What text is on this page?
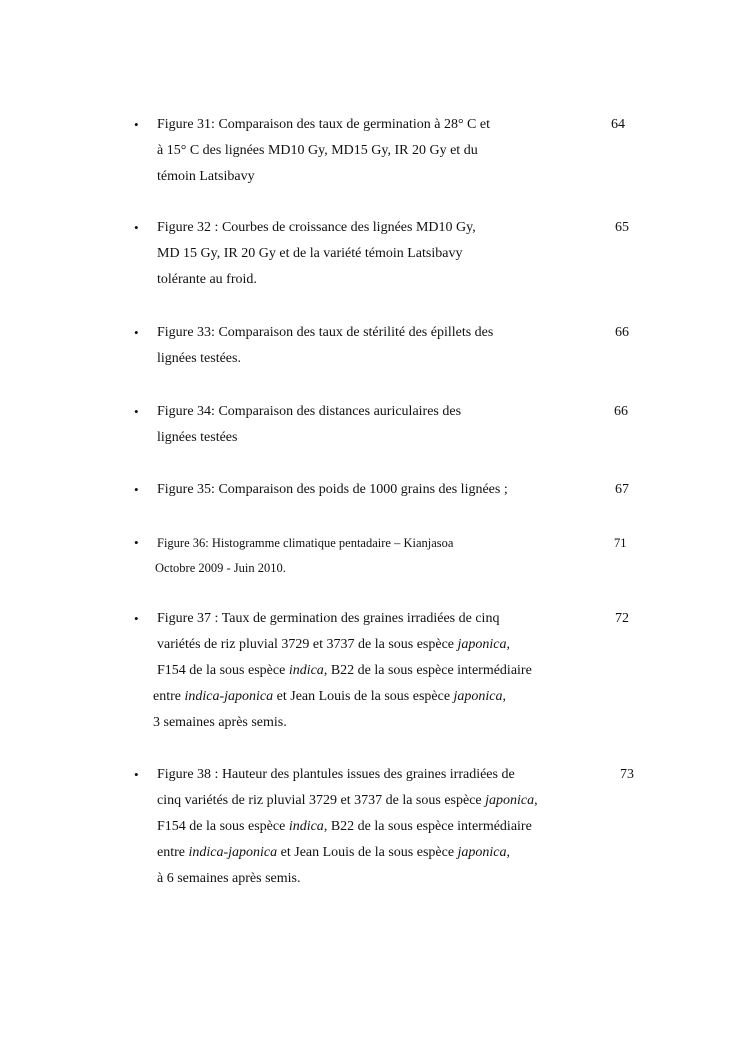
• Figure 31: Comparaison des taux de germination à 28° C et
à 15° C des lignées MD10 Gy, MD15 Gy, IR 20 Gy et du
témoin Latsibavy
64
• Figure 32 : Courbes de croissance des lignées MD10 Gy,
MD 15 Gy, IR 20 Gy et de la variété témoin Latsibavy
tolérante au froid.
65
• Figure 33: Comparaison des taux de stérilité des épillets des
lignées testées.
66
• Figure 34: Comparaison des distances auriculaires des
lignées testées
66
• Figure 35: Comparaison des poids de 1000 grains des lignées ;	67
• Figure 36: Histogramme climatique pentadaire – Kianjasoa
Octobre 2009 - Juin 2010.
71
• Figure 37 : Taux de germination des graines irradiées de cinq
variétés de riz pluvial 3729 et 3737 de la sous espèce japonica,
F154 de la sous espèce indica, B22 de la sous espèce intermédiaire
entre indica-japonica et Jean Louis de la sous espèce japonica,
3 semaines après semis.
72
• Figure 38 : Hauteur des plantules issues des graines irradiées de
cinq variétés de riz pluvial 3729 et 3737 de la sous espèce japonica,
F154 de la sous espèce indica, B22 de la sous espèce intermédiaire
entre indica-japonica et Jean Louis de la sous espèce japonica,
à 6 semaines après semis.
73
